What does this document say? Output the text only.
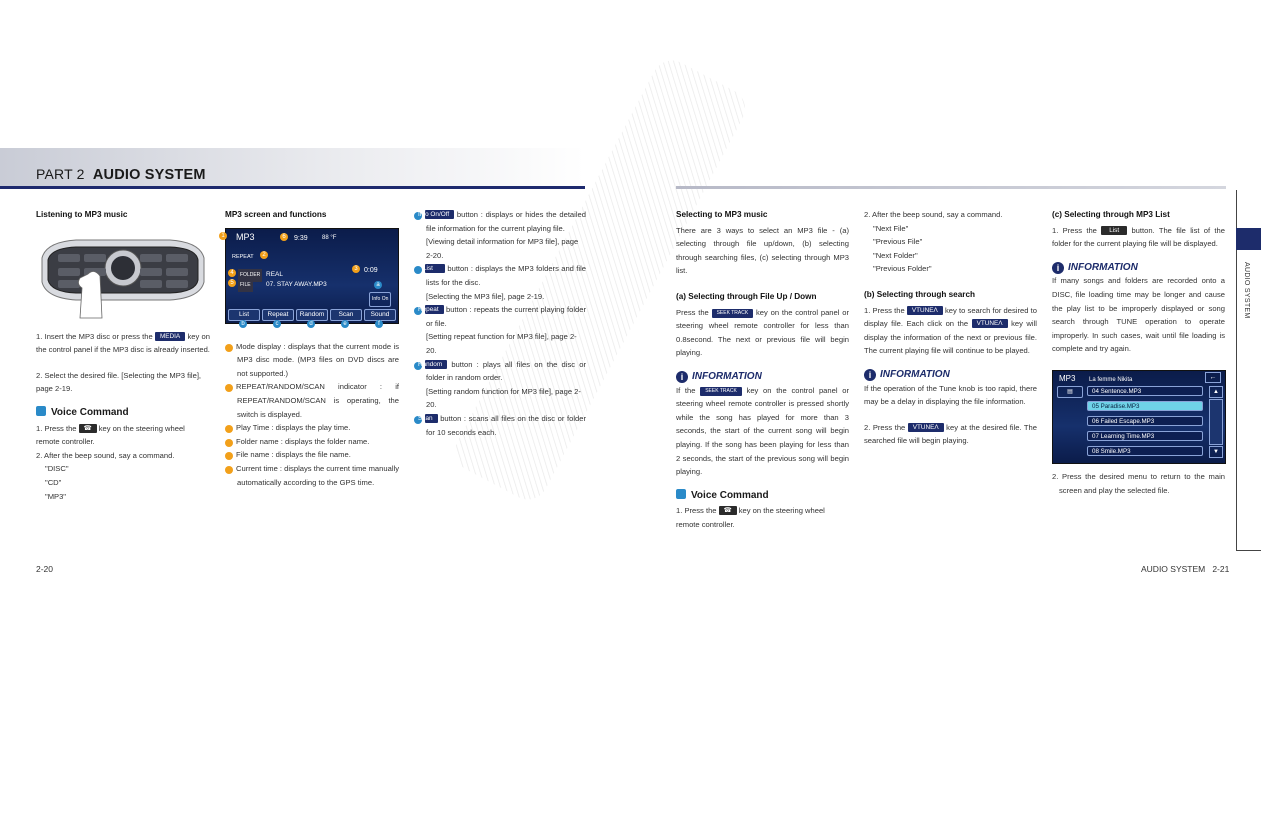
PART 2 AUDIO SYSTEM
AUDIO SYSTEM
Listening to MP3 music

1. Insert the MP3 disc or press the MEDIA key on the control panel if the MP3 disc is already inserted.

2. Select the desired file. [Selecting the MP3 file], page 2-19.

Voice Command

1. Press the ☎ key on the steering wheel remote controller.

2. After the beep sound, say a command.

"DISC"

"CD"

"MP3"

MP3 screen and functions
1 MP3	6	9:39 88 °F
REPEAT	2
4	FOLDER REAL
5	FILE	07. STAY AWAY.MP3
3 0:09
a
Info On
List	Repeat	Random	Scan	Sound
b	c	d	e	f

1 Mode display : displays that the current mode is MP3 disc mode. (MP3 files on DVD discs are not supported.)

2 REPEAT/RANDOM/SCAN indicator : if REPEAT/RANDOM/SCAN is operating, the switch is displayed.

3 Play Time : displays the play time.

4 Folder name : displays the folder name.

5 File name : displays the file name.

6 Current time : displays the current time manually automatically according to the GPS time.

a Info On/Off button : displays or hides the detailed file information for the current playing file.

[Viewing detail information for MP3 file], page 2-20.

b List button : displays the MP3 folders and file lists for the disc.

[Selecting the MP3 file], page 2-19.

c Repeat button : repeats the current playing folder or file.

[Setting repeat function for MP3 file], page 2-20.

d Random button : plays all files on the disc or folder in random order.

[Setting random function for MP3 file], page 2-20.

e Scan button : scans all files on the disc or folder for 10 seconds each.

2-20
Selecting to MP3 music

There are 3 ways to select an MP3 file - (a) selecting through file up/down, (b) selecting through searching files, (c) selecting through MP3 list.

(a) Selecting through File Up / Down

Press the SEEK TRACK key on the control panel or steering wheel remote controller for less than 0.8second. The next or previous file will begin playing.

i INFORMATION

If the SEEK TRACK key on the control panel or steering wheel remote controller is pressed shortly while the song has played for more than 3 seconds, the start of the current song will begin playing. If the song has been playing for less than 2 seconds, the start of the previous song will begin playing.

Voice Command

1. Press the ☎ key on the steering wheel remote controller.

2. After the beep sound, say a command.

"Next File"

"Previous File"

"Next Folder"

"Previous Folder"

(b) Selecting through search

1. Press the VTUNEΛ key to search for desired to display file. Each click on the VTUNEΛ key will display the information of the next or previous file. The current playing file will continue to be played.

i INFORMATION

If the operation of the Tune knob is too rapid, there may be a delay in displaying the file information.

2. Press the VTUNEΛ key at the desired file. The searched file will begin playing.

(c) Selecting through MP3 List

1. Press the List button. The file list of the folder for the current playing file will be displayed.

i INFORMATION

If many songs and folders are recorded onto a DISC, file loading time may be longer and cause the play list to be improperly displayed or song search through TUNE operation to operate improperly. In such cases, wait until file loading is complete and try again.

MP3 La femme Nikita	←
▤	04 Sentence.MP3
05 Paradise.MP3
06 Failed Escape.MP3
07 Learning Time.MP3
08 Smile.MP3
▲
▼

2. Press the desired menu to return to the main screen and play the selected file.

AUDIO SYSTEM   2-21
